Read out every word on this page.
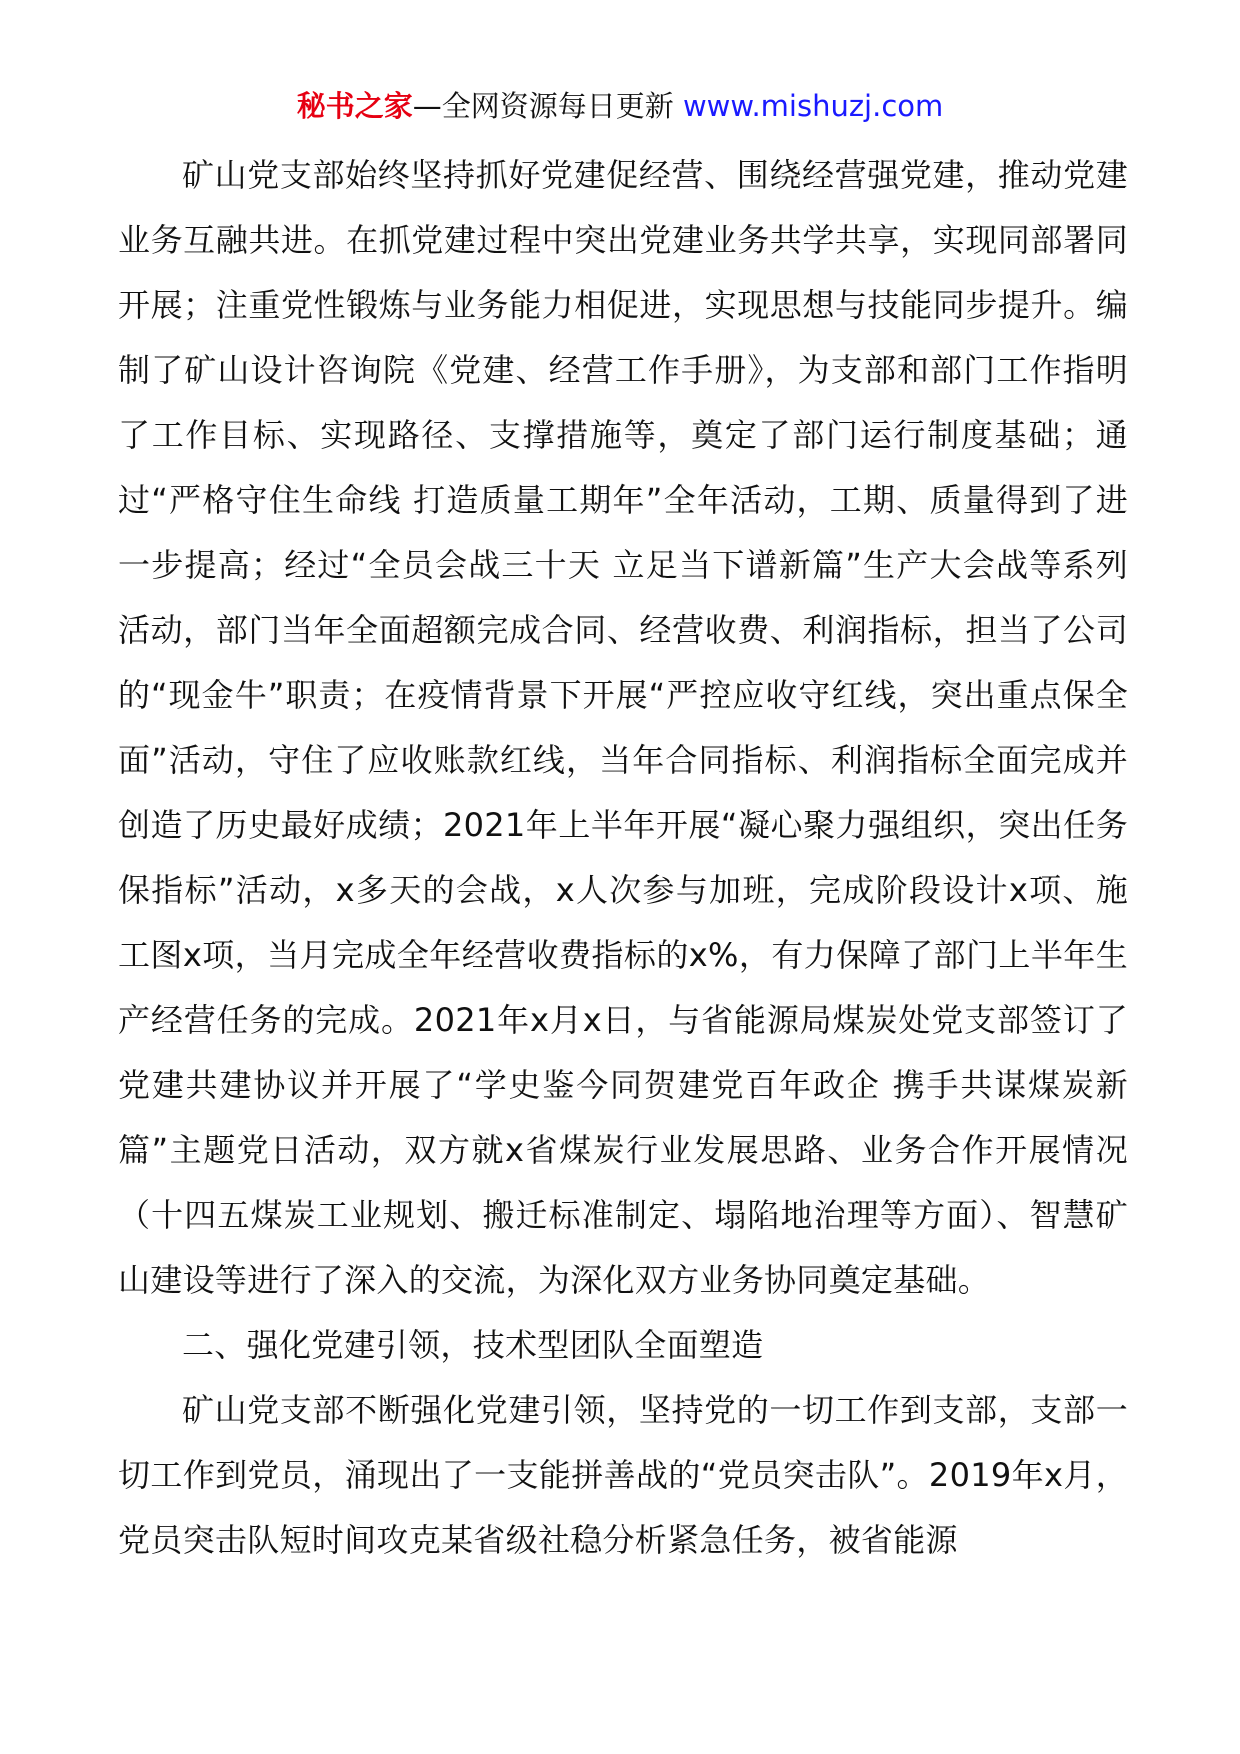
秘书之家—全网资源每日更新 www.mishuzj.com

矿山党支部始终坚持抓好党建促经营、围绕经营强党建，推动党建业务互融共进。在抓党建过程中突出党建业务共学共享，实现同部署同开展；注重党性锻炼与业务能力相促进，实现思想与技能同步提升。编制了矿山设计咨询院《党建、经营工作手册》，为支部和部门工作指明了工作目标、实现路径、支撑措施等，奠定了部门运行制度基础；通过“严格守住生命线 打造质量工期年”全年活动，工期、质量得到了进一步提高；经过“全员会战三十天 立足当下谱新篇”生产大会战等系列活动，部门当年全面超额完成合同、经营收费、利润指标，担当了公司的“现金牛”职责；在疫情背景下开展“严控应收守红线，突出重点保全面”活动，守住了应收账款红线，当年合同指标、利润指标全面完成并创造了历史最好成绩；2021年上半年开展“凝心聚力强组织，突出任务保指标”活动，x多天的会战，x人次参与加班，完成阶段设计x项、施工图x项，当月完成全年经营收费指标的x%，有力保障了部门上半年生产经营任务的完成。2021年x月x日，与省能源局煤炭处党支部签订了党建共建协议并开展了“学史鉴今同贺建党百年政企 携手共谋煤炭新篇”主题党日活动，双方就x省煤炭行业发展思路、业务合作开展情况（十四五煤炭工业规划、搬迁标准制定、塌陷地治理等方面）、智慧矿山建设等进行了深入的交流，为深化双方业务协同奠定基础。

二、强化党建引领，技术型团队全面塑造

矿山党支部不断强化党建引领，坚持党的一切工作到支部，支部一切工作到党员，涌现出了一支能拼善战的“党员突击队”。2019年x月，党员突击队短时间攻克某省级社稳分析紧急任务，被省能源
